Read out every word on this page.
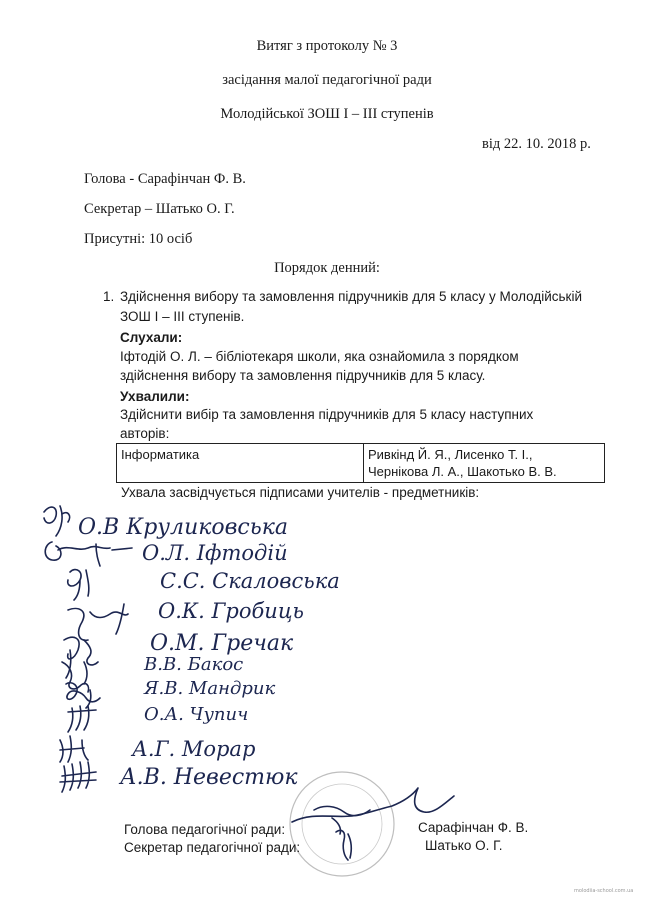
Витяг з протоколу № 3
засідання малої педагогічної ради
Молодійської ЗОШ І – ІІІ ступенів
від 22. 10. 2018 р.
Голова - Сарафінчан Ф. В.
Секретар – Шатько О. Г.
Присутні: 10 осіб
Порядок денний:
1. Здійснення вибору та замовлення підручників для 5 класу у Молодійській
ЗОШ І – ІІІ ступенів.
Слухали:
Іфтодій О. Л. – бібліотекаря школи, яка ознайомила з порядком
здійснення вибору та замовлення підручників для 5 класу.
Ухвалили:
Здійснити вибір та замовлення підручників для 5 класу наступних
авторів:
Інформатика	Ривкінд Й. Я., Лисенко Т. І.,
Чернікова Л. А., Шакотько В. В.
Ухвала засвідчується підписами учителів - предметників:
О.В Круликовська
О.Л. Іфтодій
С.С. Скаловська
О.К. Гробиць
О.М. Гречак
В.В. Бакос
Я.В. Мандрик
О.А. Чупич
А.Г. Морар
А.В. Невестюк
Голова педагогічної ради:	Сарафінчан Ф. В.
Секретар педагогічної ради:	Шатько О. Г.
molodiia-school.com.ua
